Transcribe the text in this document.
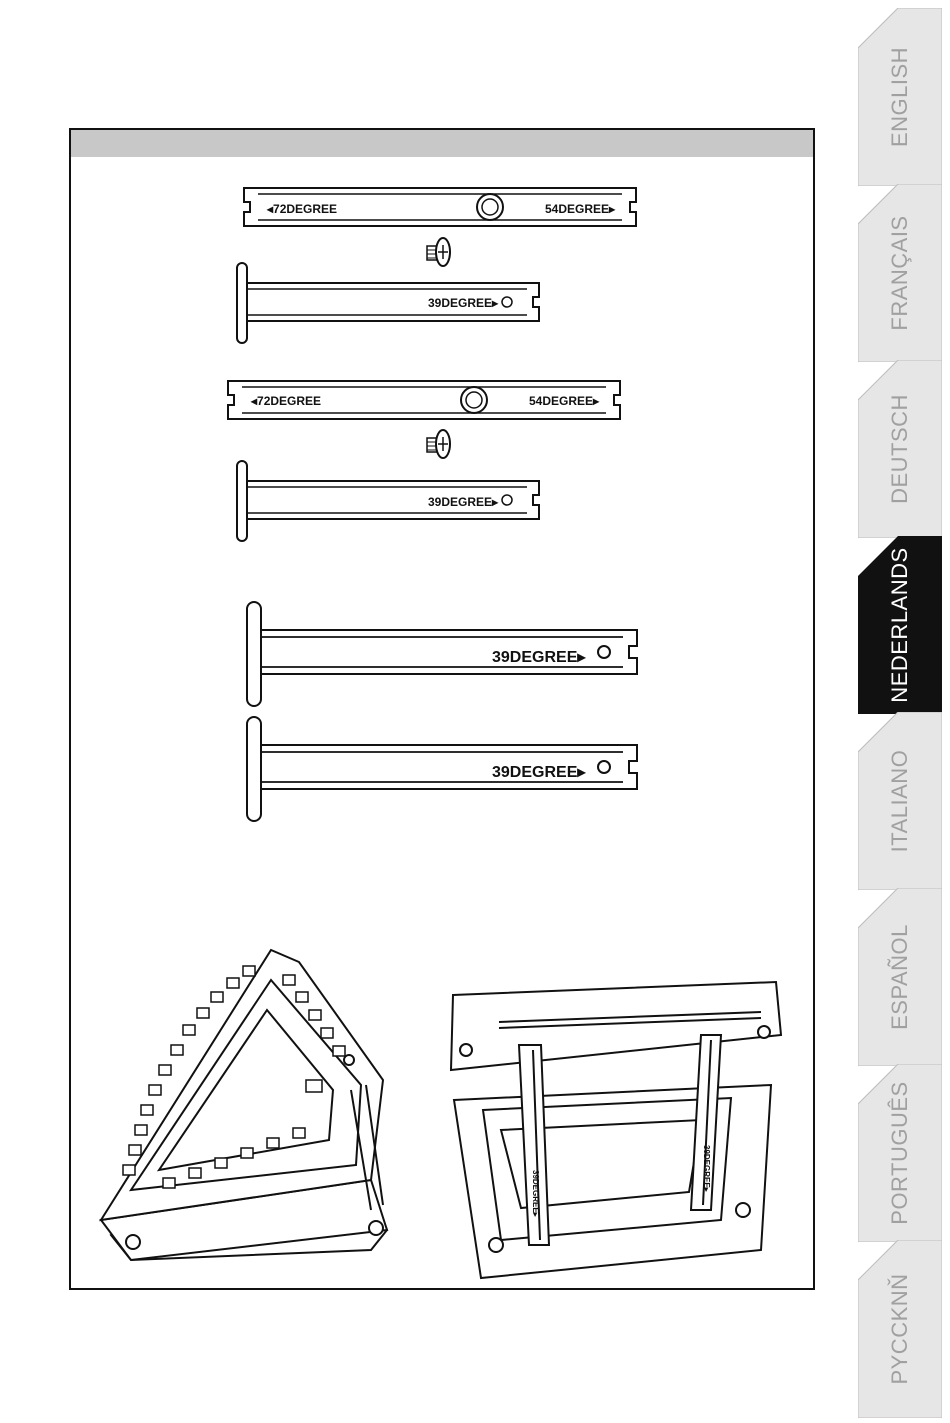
◂72DEGREE	54DEGREE▸
39DEGREE▸
◂72DEGREE	54DEGREE▸
39DEGREE▸
39DEGREE▸
39DEGREE▸
39DEGREE▸
39DEGREE▸
ENGLISH
FRANÇAIS
DEUTSCH
NEDERLANDS
ITALIANO
ESPAÑOL
PORTUGUÊS
PYCCKNŇ
